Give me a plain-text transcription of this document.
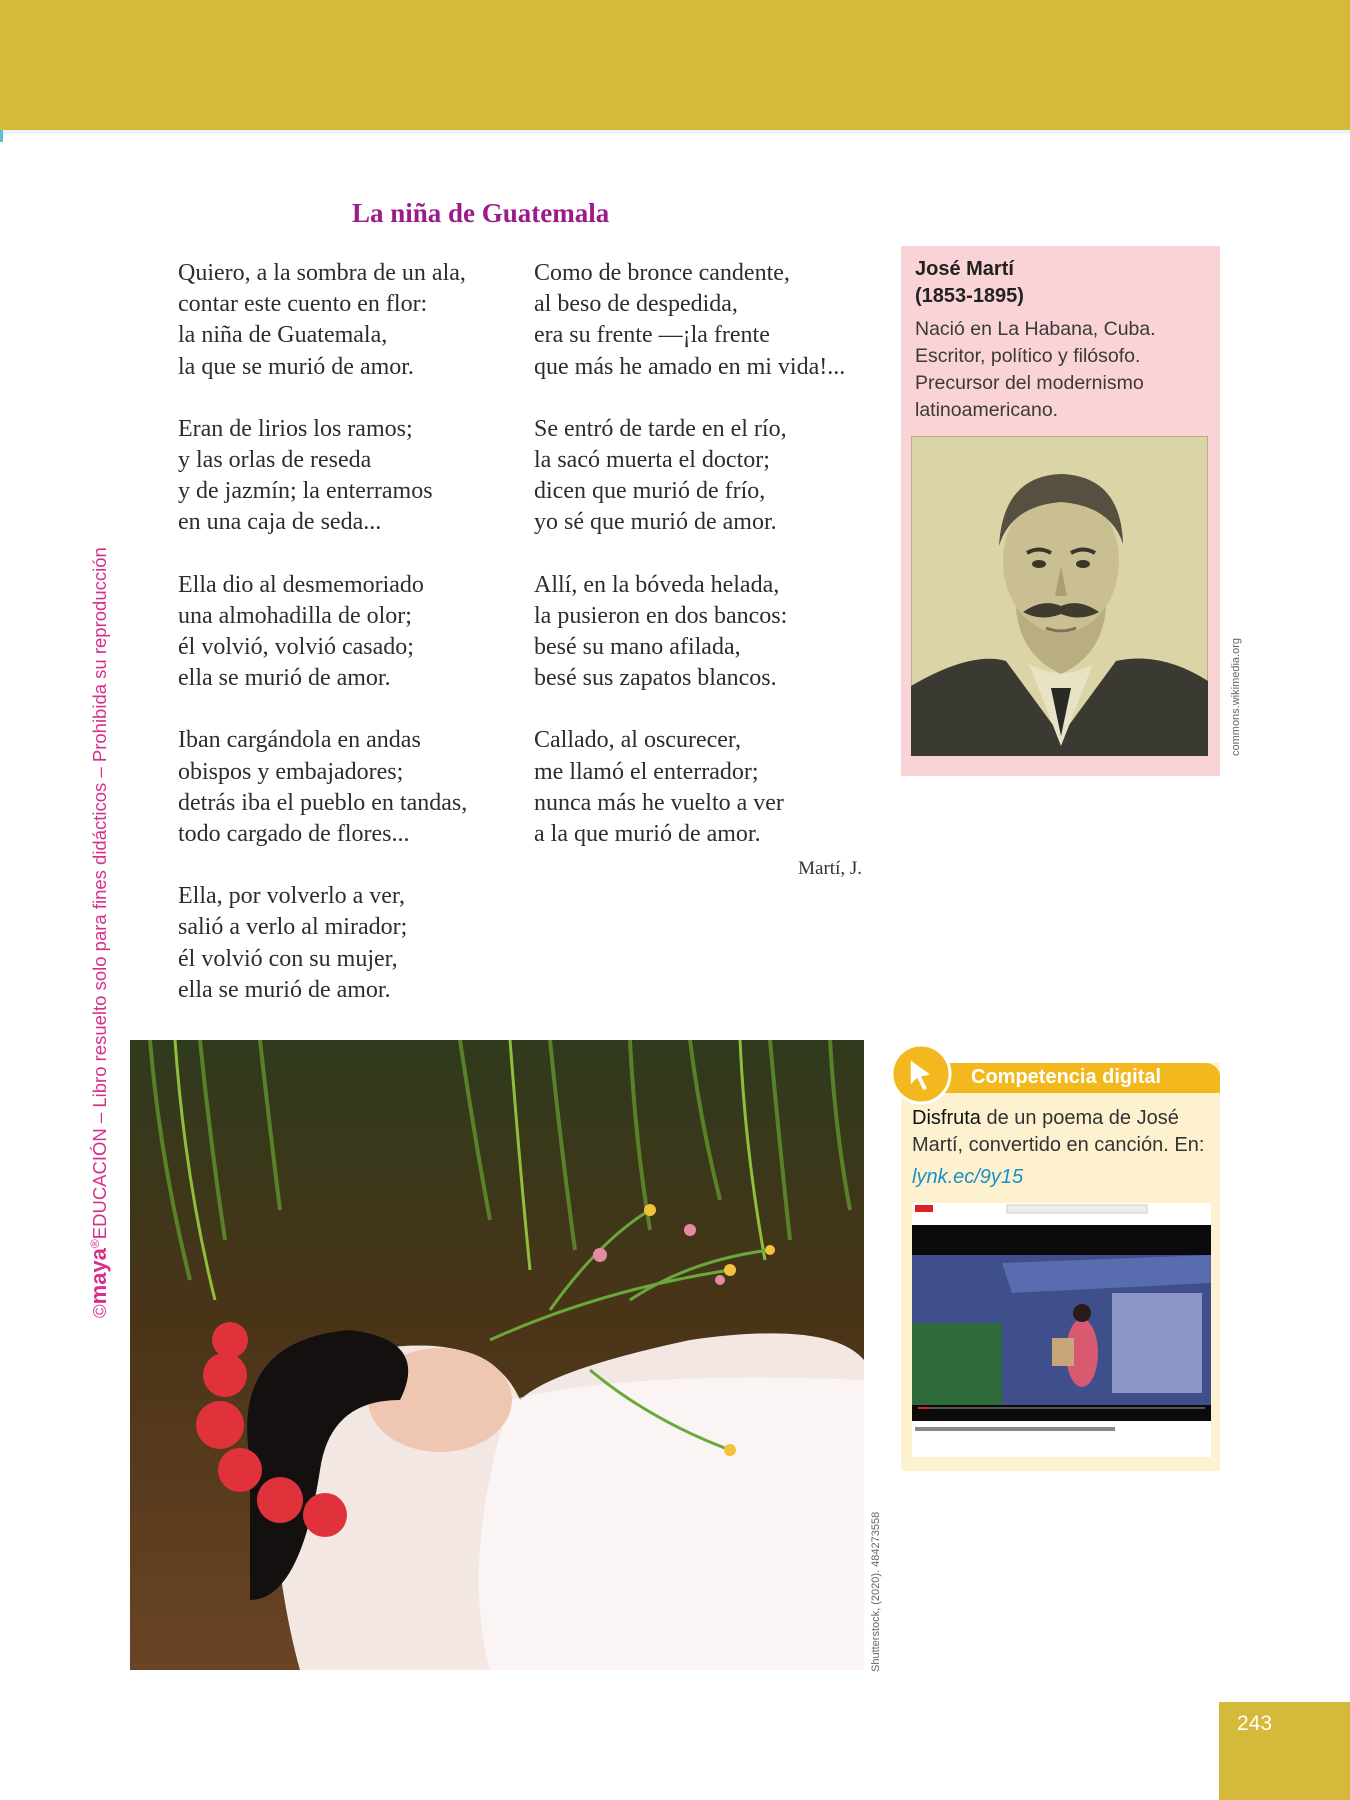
©maya®EDUCACIÓN – Libro resuelto solo para fines didácticos – Prohibida su reproducción
La niña de Guatemala

Quiero, a la sombra de un ala,
contar este cuento en flor:
la niña de Guatemala,
la que se murió de amor.

Eran de lirios los ramos;
y las orlas de reseda
y de jazmín; la enterramos
en una caja de seda...

Ella dio al desmemoriado
una almohadilla de olor;
él volvió, volvió casado;
ella se murió de amor.

Iban cargándola en andas
obispos y embajadores;
detrás iba el pueblo en tandas,
todo cargado de flores...

Ella, por volverlo a ver,
salió a verlo al mirador;
él volvió con su mujer,
ella se murió de amor.

Como de bronce candente,
al beso de despedida,
era su frente —¡la frente
que más he amado en mi vida!...

Se entró de tarde en el río,
la sacó muerta el doctor;
dicen que murió de frío,
yo sé que murió de amor.

Allí, en la bóveda helada,
la pusieron en dos bancos:
besé su mano afilada,
besé sus zapatos blancos.

Callado, al oscurecer,
me llamó el enterrador;
nunca más he vuelto a ver
a la que murió de amor.

Martí, J.

José Martí
(1853-1895)

Nació en La Habana, Cuba. Escritor, político y filósofo. Precursor del modernismo latinoamericano.

commons.wikimedia.org
Shutterstock, (2020). 484273558

Competencia digital

Disfruta de un poema de José Martí, convertido en canción. En:

lynk.ec/9y15
243
